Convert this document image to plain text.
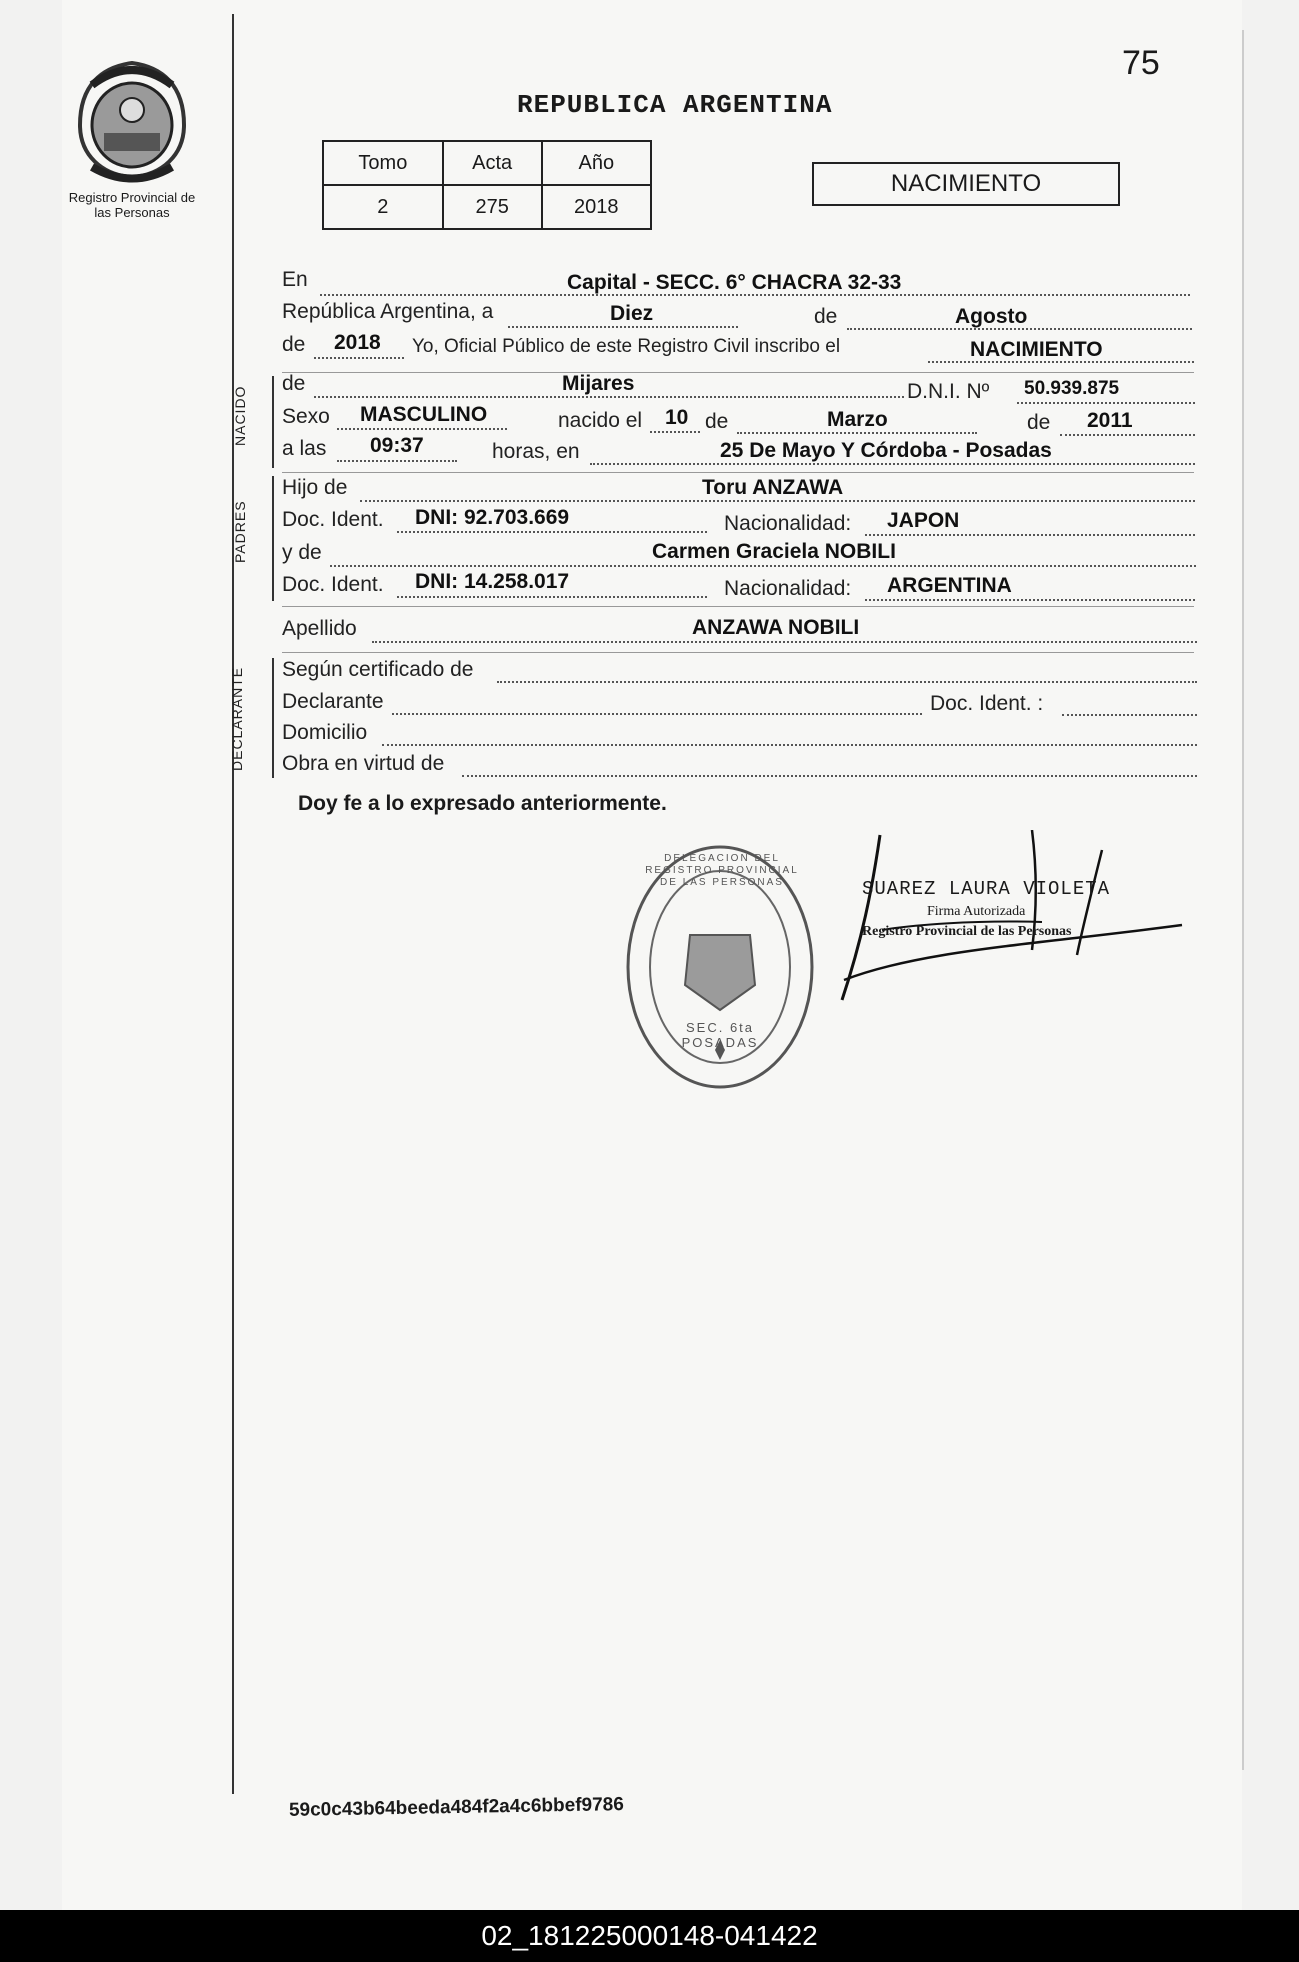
Registro Provincial de las Personas
75
REPUBLICA ARGENTINA
Tomo	Acta	Año
2	275	2018
NACIMIENTO
En	Capital - SECC. 6° CHACRA 32-33
República Argentina, a	Diez	de	Agosto
de 2018 Yo, Oficial Público de este Registro Civil inscribo el	NACIMIENTO
NACIDO
de	Mijares	D.N.I. Nº 50.939.875
Sexo MASCULINO	nacido el 10 de	Marzo	de 2011
a las 09:37	horas, en	25 De Mayo Y Córdoba - Posadas
PADRES
Hijo de	Toru ANZAWA
Doc. Ident. DNI: 92.703.669	Nacionalidad: JAPON
y de	Carmen Graciela NOBILI
Doc. Ident. DNI: 14.258.017	Nacionalidad: ARGENTINA
Apellido	ANZAWA NOBILI
DECLARANTE Según certificado de
Declarante	Doc. Ident. :
Domicilio
Obra en virtud de
Doy fe a lo expresado anteriormente.
DELEGACION DEL REGISTRO PROVINCIAL DE LAS PERSONAS
SEC. 6ta POSADAS
SUAREZ LAURA VIOLETA
Firma Autorizada
Registro Provincial de las Personas
59c0c43b64beeda484f2a4c6bbef9786
02_181225000148-041422
